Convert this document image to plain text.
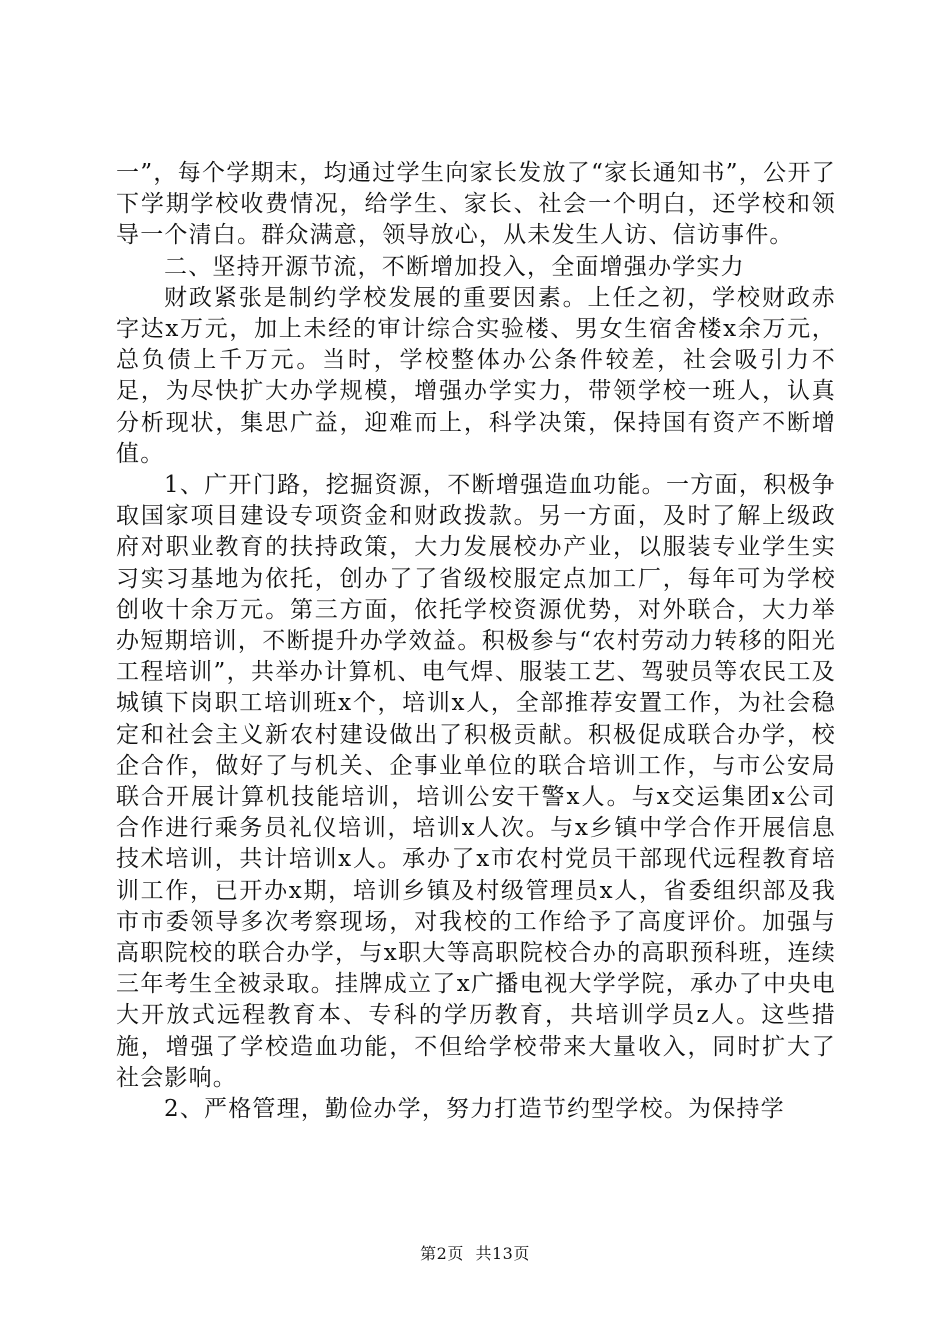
一”，每个学期末，均通过学生向家长发放了“家长通知书”，公开了下学期学校收费情况，给学生、家长、社会一个明白，还学校和领导一个清白。群众满意，领导放心，从未发生人访、信访事件。

二、坚持开源节流，不断增加投入，全面增强办学实力

财政紧张是制约学校发展的重要因素。上任之初，学校财政赤字达x万元，加上未经的审计综合实验楼、男女生宿舍楼x余万元，总负债上千万元。当时，学校整体办公条件较差，社会吸引力不足，为尽快扩大办学规模，增强办学实力，带领学校一班人，认真分析现状，集思广益，迎难而上，科学决策，保持国有资产不断增值。

1、广开门路，挖掘资源，不断增强造血功能。一方面，积极争取国家项目建设专项资金和财政拨款。另一方面，及时了解上级政府对职业教育的扶持政策，大力发展校办产业，以服装专业学生实习实习基地为依托，创办了了省级校服定点加工厂，每年可为学校创收十余万元。第三方面，依托学校资源优势，对外联合，大力举办短期培训，不断提升办学效益。积极参与“农村劳动力转移的阳光工程培训”，共举办计算机、电气焊、服装工艺、驾驶员等农民工及城镇下岗职工培训班x个，培训x人，全部推荐安置工作，为社会稳定和社会主义新农村建设做出了积极贡献。积极促成联合办学，校企合作，做好了与机关、企事业单位的联合培训工作，与市公安局联合开展计算机技能培训，培训公安干警x人。与x交运集团x公司合作进行乘务员礼仪培训，培训x人次。与x乡镇中学合作开展信息技术培训，共计培训x人。承办了x市农村党员干部现代远程教育培训工作，已开办x期，培训乡镇及村级管理员x人，省委组织部及我市市委领导多次考察现场，对我校的工作给予了高度评价。加强与高职院校的联合办学，与x职大等高职院校合办的高职预科班，连续三年考生全被录取。挂牌成立了x广播电视大学学院，承办了中央电大开放式远程教育本、专科的学历教育，共培训学员z人。这些措施，增强了学校造血功能，不但给学校带来大量收入，同时扩大了社会影响。

2、严格管理，勤俭办学，努力打造节约型学校。为保持学

第2页 共13页
